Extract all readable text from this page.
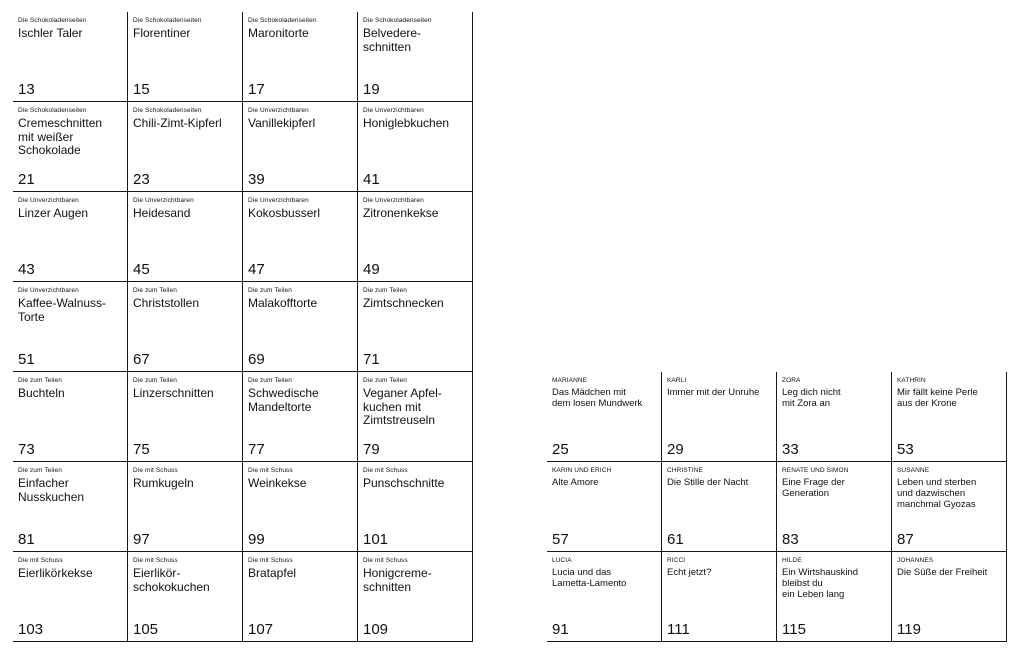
Die Schokoladenseiten
Ischler Taler
13
Die Schokoladenseiten
Florentiner
15
Die Schokoladenseiten
Maronitorte
17
Die Schokoladenseiten
Belvedere-
schnitten
19
Die Schokoladenseiten
Cremeschnitten
mit weißer
Schokolade
21
Die Schokoladenseiten
Chili-Zimt-Kipferl
23
Die Unverzichtbaren
Vanillekipferl
39
Die Unverzichtbaren
Honiglebkuchen
41
Die Unverzichtbaren
Linzer Augen
43
Die Unverzichtbaren
Heidesand
45
Die Unverzichtbaren
Kokosbusserl
47
Die Unverzichtbaren
Zitronenkekse
49
Die Unverzichtbaren
Kaffee-Walnuss-
Torte
51
Die zum Teilen
Christstollen
67
Die zum Teilen
Malakofftorte
69
Die zum Teilen
Zimtschnecken
71
Die zum Teilen
Buchteln
73
Die zum Teilen
Linzerschnitten
75
Die zum Teilen
Schwedische
Mandeltorte
77
Die zum Teilen
Veganer Apfel-
kuchen mit
Zimtstreuseln
79
Die zum Teilen
Einfacher
Nusskuchen
81
Die mit Schuss
Rumkugeln
97
Die mit Schuss
Weinkekse
99
Die mit Schuss
Punschschnitte
101
Die mit Schuss
Eierlikörkekse
103
Die mit Schuss
Eierlikör-
schokokuchen
105
Die mit Schuss
Bratapfel
107
Die mit Schuss
Honigcreme-
schnitten
109
MARIANNE
Das Mädchen mit
dem losen Mundwerk
25
KARLI
Immer mit der Unruhe
29
ZORA
Leg dich nicht
mit Zora an
33
KATHRIN
Mir fällt keine Perle
aus der Krone
53
KARIN UND ERICH
Alte Amore
57
CHRISTINE
Die Stille der Nacht
61
RENATE UND SIMON
Eine Frage der
Generation
83
SUSANNE
Leben und sterben
und dazwischen
manchmal Gyozas
87
LUCIA
Lucia und das
Lametta-Lamento
91
RICCI
Echt jetzt?
111
HILDE
Ein Wirtshauskind
bleibst du
ein Leben lang
115
JOHANNES
Die Süße der Freiheit
119
